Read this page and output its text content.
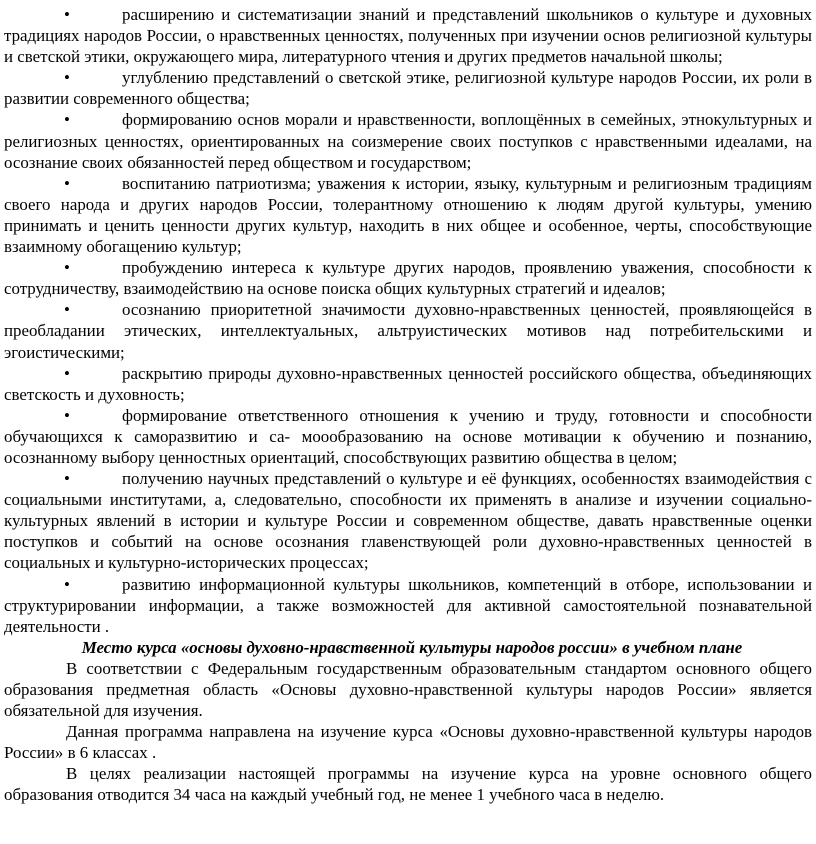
•	расширению и систематизации знаний и представлений школьников о культуре и духовных традициях народов России, о нравственных ценностях, полученных при изучении основ религиозной культуры и светской этики, окружающего мира, литературного чтения и других предметов начальной школы;

•	углублению представлений о светской этике, религиозной культуре народов России, их роли в развитии современного общества;

•	формированию основ морали и нравственности, воплощённых в семейных, этнокультурных и религиозных ценностях, ориентированных на соизмерение своих поступков с нравственными идеалами, на осознание своих обязанностей перед обществом и государством;

•	воспитанию патриотизма; уважения к истории, языку, культурным и религиозным традициям своего народа и других народов России, толерантному отношению к людям другой культуры, умению принимать и ценить ценности других культур, находить в них общее и особенное, черты, способствующие взаимному обогащению культур;

•	пробуждению интереса к культуре других народов, проявлению уважения, способности к сотрудничеству, взаимодействию на основе поиска общих культурных стратегий и идеалов;

•	осознанию приоритетной значимости духовно-нравственных ценностей, проявляющейся в преобладании этических, интеллектуальных, альтруистических мотивов над потребительскими и эгоистическими;

•	раскрытию природы духовно-нравственных ценностей российского общества, объединяющих светскость и духовность;

•	формирование ответственного отношения к учению и труду, готовности и способности обучающихся к саморазвитию и са- моообразованию на основе мотивации к обучению и познанию, осознанному выбору ценностных ориентаций, способствующих развитию общества в целом;

•	получению научных представлений о культуре и её функциях, особенностях взаимодействия с социальными институтами, а, следовательно, способности их применять в анализе и изучении социально-культурных явлений в истории и культуре России и современном обществе, давать нравственные оценки поступков и событий на основе осознания главенствующей роли духовно-нравственных ценностей в социальных и культурно-исторических процессах;

•	развитию информационной культуры школьников, компетенций в отборе, использовании и структурировании информации, а также возможностей для активной самостоятельной познавательной деятельности .

Место курса «основы духовно-нравственной культуры народов россии» в учебном плане

В соответствии с Федеральным государственным образовательным стандартом основного общего образования предметная область «Основы духовно-нравственной культуры народов России» является обязательной для изучения.

Данная программа направлена на изучение курса «Основы духовно-нравственной культуры народов России» в 6 классах .

В целях реализации настоящей программы на изучение курса на уровне основного общего образования отводится 34 часа на каждый учебный год, не менее 1 учебного часа в неделю.
